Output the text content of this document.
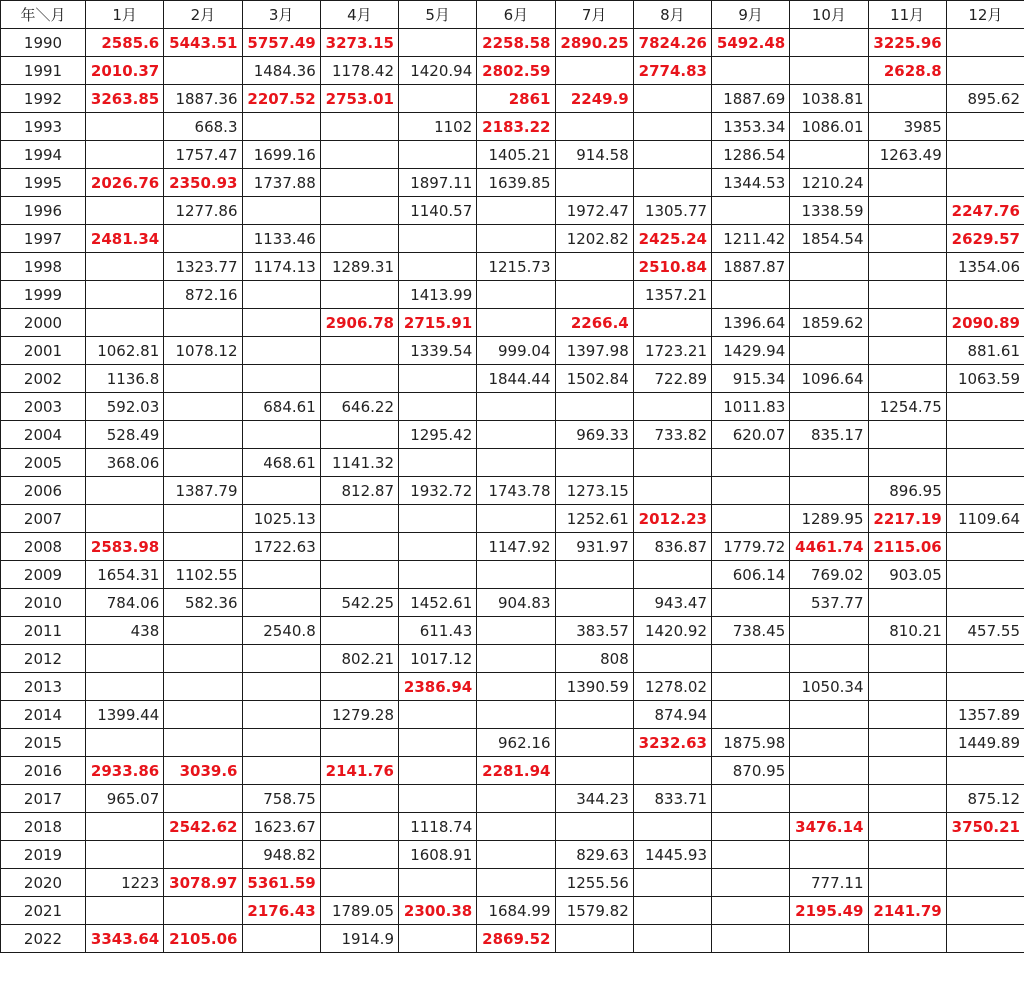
年＼月	1月	2月	3月	4月	5月	6月	7月	8月	9月	10月	11月	12月
1990	2585.6	5443.51	5757.49	3273.15		2258.58	2890.25	7824.26	5492.48		3225.96	
1991	2010.37		1484.36	1178.42	1420.94	2802.59		2774.83			2628.8	
1992	3263.85	1887.36	2207.52	2753.01		2861	2249.9		1887.69	1038.81		895.62
1993		668.3			1102	2183.22			1353.34	1086.01	3985	
1994		1757.47	1699.16			1405.21	914.58		1286.54		1263.49	
1995	2026.76	2350.93	1737.88		1897.11	1639.85			1344.53	1210.24		
1996		1277.86			1140.57		1972.47	1305.77		1338.59		2247.76
1997	2481.34		1133.46				1202.82	2425.24	1211.42	1854.54		2629.57
1998		1323.77	1174.13	1289.31		1215.73		2510.84	1887.87			1354.06
1999		872.16			1413.99			1357.21				
2000				2906.78	2715.91		2266.4		1396.64	1859.62		2090.89
2001	1062.81	1078.12			1339.54	999.04	1397.98	1723.21	1429.94			881.61
2002	1136.8					1844.44	1502.84	722.89	915.34	1096.64		1063.59
2003	592.03		684.61	646.22					1011.83		1254.75	
2004	528.49				1295.42		969.33	733.82	620.07	835.17		
2005	368.06		468.61	1141.32								
2006		1387.79		812.87	1932.72	1743.78	1273.15				896.95	
2007			1025.13				1252.61	2012.23		1289.95	2217.19	1109.64
2008	2583.98		1722.63			1147.92	931.97	836.87	1779.72	4461.74	2115.06	
2009	1654.31	1102.55							606.14	769.02	903.05	
2010	784.06	582.36		542.25	1452.61	904.83		943.47		537.77		
2011	438		2540.8		611.43		383.57	1420.92	738.45		810.21	457.55
2012				802.21	1017.12		808					
2013					2386.94		1390.59	1278.02		1050.34		
2014	1399.44			1279.28				874.94				1357.89
2015						962.16		3232.63	1875.98			1449.89
2016	2933.86	3039.6		2141.76		2281.94			870.95			
2017	965.07		758.75				344.23	833.71				875.12
2018		2542.62	1623.67		1118.74					3476.14		3750.21
2019			948.82		1608.91		829.63	1445.93				
2020	1223	3078.97	5361.59				1255.56			777.11		
2021			2176.43	1789.05	2300.38	1684.99	1579.82			2195.49	2141.79	
2022	3343.64	2105.06		1914.9		2869.52						
